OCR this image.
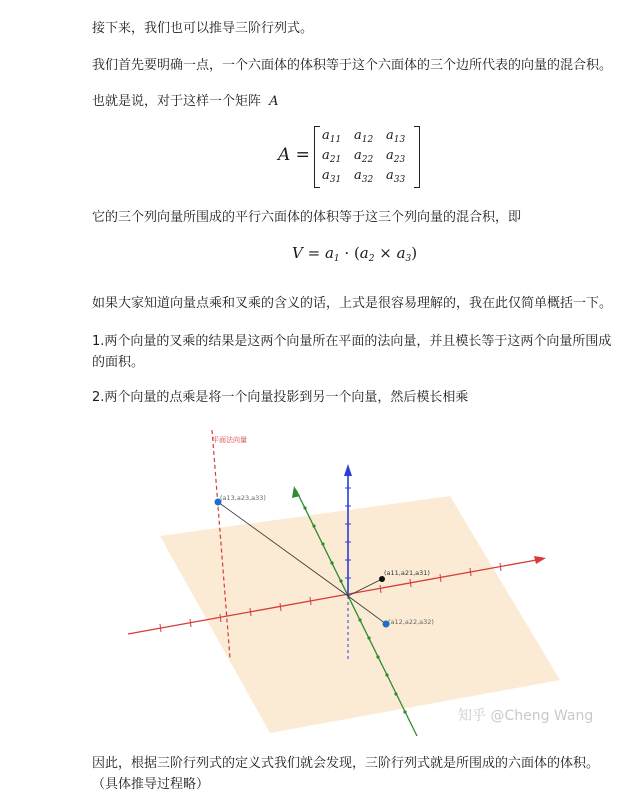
接下来，我们也可以推导三阶行列式。

我们首先要明确一点，一个六面体的体积等于这个六面体的三个边所代表的向量的混合积。

也就是说，对于这样一个矩阵 A

A =
$a_{11}$ $a_{12}$ $a_{13}$
$a_{21}$ $a_{22}$ $a_{23}$
$a_{31}$ $a_{32}$ $a_{33}$

它的三个列向量所围成的平行六面体的体积等于这三个列向量的混合积，即

$V = a_1 \cdot (a_2 \times a_3)$

如果大家知道向量点乘和叉乘的含义的话，上式是很容易理解的，我在此仅简单概括一下。

1.两个向量的叉乘的结果是这两个向量所在平面的法向量，并且模长等于这两个向量所围成的面积。

2.两个向量的点乘是将一个向量投影到另一个向量，然后模长相乘

平面法向量
(a13,a23,a33)
(a11,a21,a31)
(a12,a22,a32)
知乎 @Cheng Wang

因此，根据三阶行列式的定义式我们就会发现，三阶行列式就是所围成的六面体的体积。（具体推导过程略）
